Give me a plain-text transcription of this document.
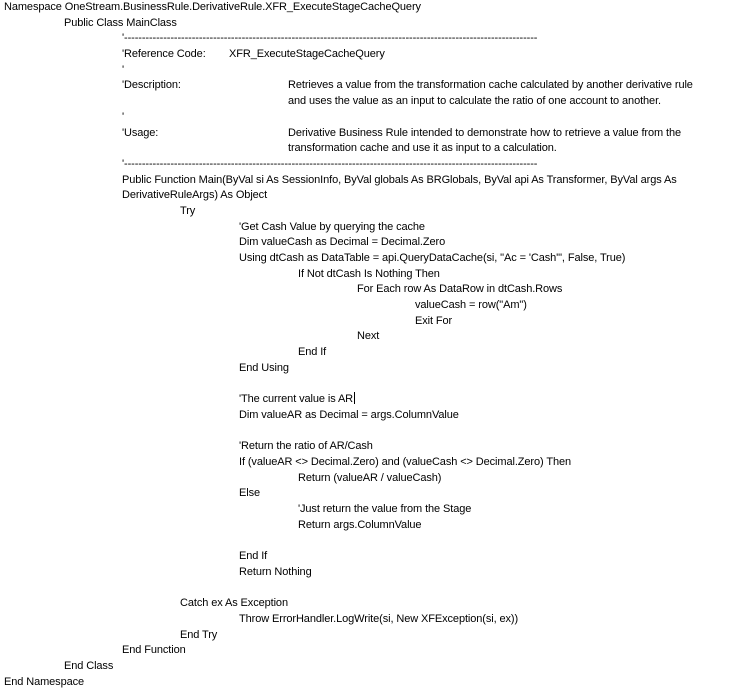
Namespace OneStream.BusinessRule.DerivativeRule.XFR_ExecuteStageCacheQuery
Public Class MainClass
'--------------------------------------------------------------------------------------------------------------------
'Reference Code: XFR_ExecuteStageCacheQuery
'
'Description:	Retrieves a value from the transformation cache calculated by another derivative rule
and uses the value as an input to calculate the ratio of one account to another.
'
'Usage:	Derivative Business Rule intended to demonstrate how to retrieve a value from the
transformation cache and use it as input to a calculation.
'--------------------------------------------------------------------------------------------------------------------
Public Function Main(ByVal si As SessionInfo, ByVal globals As BRGlobals, ByVal api As Transformer, ByVal args As
DerivativeRuleArgs) As Object
Try
'Get Cash Value by querying the cache
Dim valueCash as Decimal = Decimal.Zero
Using dtCash as DataTable = api.QueryDataCache(si, "Ac = 'Cash'", False, True)
If Not dtCash Is Nothing Then
For Each row As DataRow in dtCash.Rows
valueCash = row("Am")
Exit For
Next
End If
End Using
'The current value is AR
Dim valueAR as Decimal = args.ColumnValue
'Return the ratio of AR/Cash
If (valueAR <> Decimal.Zero) and (valueCash <> Decimal.Zero) Then
Return (valueAR / valueCash)
Else
'Just return the value from the Stage
Return args.ColumnValue
End If
Return Nothing
Catch ex As Exception
Throw ErrorHandler.LogWrite(si, New XFException(si, ex))
End Try
End Function
End Class
End Namespace
